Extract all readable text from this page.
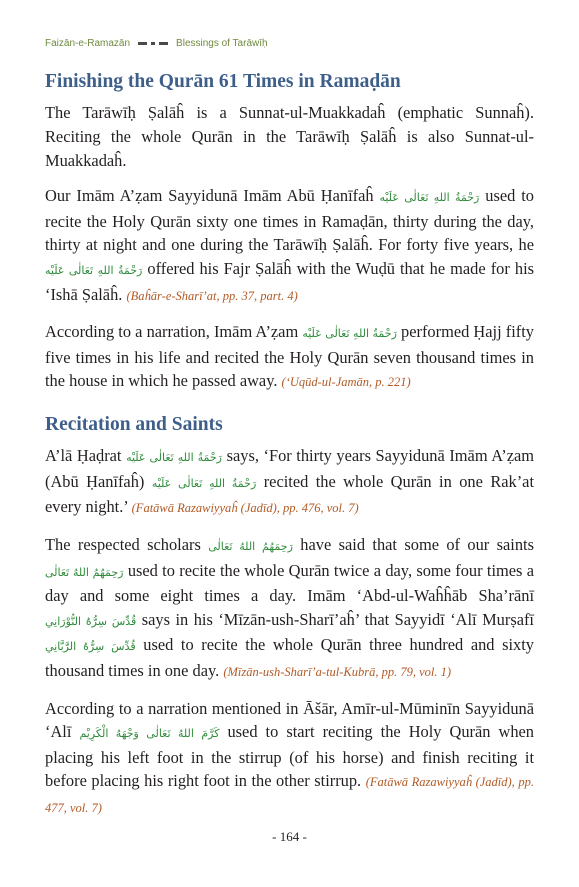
Faizān-e-Ramazān	Blessings of Tarāwīḥ
Finishing the Qurān 61 Times in Ramaḍān

The Tarāwīḥ Ṣalāĥ is a Sunnat-ul-Muakkadaĥ (emphatic Sunnaĥ). Reciting the whole Qurān in the Tarāwīḥ Ṣalāĥ is also Sunnat-ul-Muakkadaĥ.

Our Imām A’ẓam Sayyidunā Imām Abū Ḥanīfaĥ رَحْمَةُ اللهِ تَعَالٰى عَلَيْه used to recite the Holy Qurān sixty one times in Ramaḍān, thirty during the day, thirty at night and one during the Tarāwīḥ Ṣalāĥ. For forty five years, he رَحْمَةُ اللهِ تَعَالٰى عَلَيْه offered his Fajr Ṣalāĥ with the Wuḍū that he made for his ‘Ishā Ṣalāĥ. (Baĥār-e-Sharī’at, pp. 37, part. 4)

According to a narration, Imām A’ẓam رَحْمَةُ اللهِ تَعَالٰى عَلَيْه performed Ḥajj fifty five times in his life and recited the Holy Qurān seven thousand times in the house in which he passed away. (‘Uqūd-ul-Jamān, p. 221)

Recitation and Saints

A’lā Ḥaḍrat رَحْمَةُ اللهِ تَعَالٰى عَلَيْه says, ‘For thirty years Sayyidunā Imām A’ẓam (Abū Ḥanīfaĥ) رَحْمَةُ اللهِ تَعَالٰى عَلَيْه recited the whole Qurān in one Rak’at every night.’ (Fatāwā Razawiyyaĥ (Jadīd), pp. 476, vol. 7)

The respected scholars رَحِمَهُمُ اللهُ تَعَالٰى have said that some of our saints رَحِمَهُمُ اللهُ تَعَالٰى used to recite the whole Qurān twice a day, some four times a day and some eight times a day. Imām ‘Abd-ul-Waĥĥāb Sha’rānī قُدِّسَ سِرُّهُ النُّوْرَانِي says in his ‘Mīzān-ush-Sharī’aĥ’ that Sayyidī ‘Alī Murṣafī قُدِّسَ سِرُّهُ الرَّبَّانِي used to recite the whole Qurān three hundred and sixty thousand times in one day. (Mīzān-ush-Sharī’a-tul-Kubrā, pp. 79, vol. 1)

According to a narration mentioned in Āšār, Amīr-ul-Mūminīn Sayyidunā ‘Alī كَرَّمَ اللهُ تَعَالٰى وَجْهَهُ الْكَرِيْم used to start reciting the Holy Qurān when placing his left foot in the stirrup (of his horse) and finish reciting it before placing his right foot in the other stirrup. (Fatāwā Razawiyyaĥ (Jadīd), pp. 477, vol. 7)

- 164 -
